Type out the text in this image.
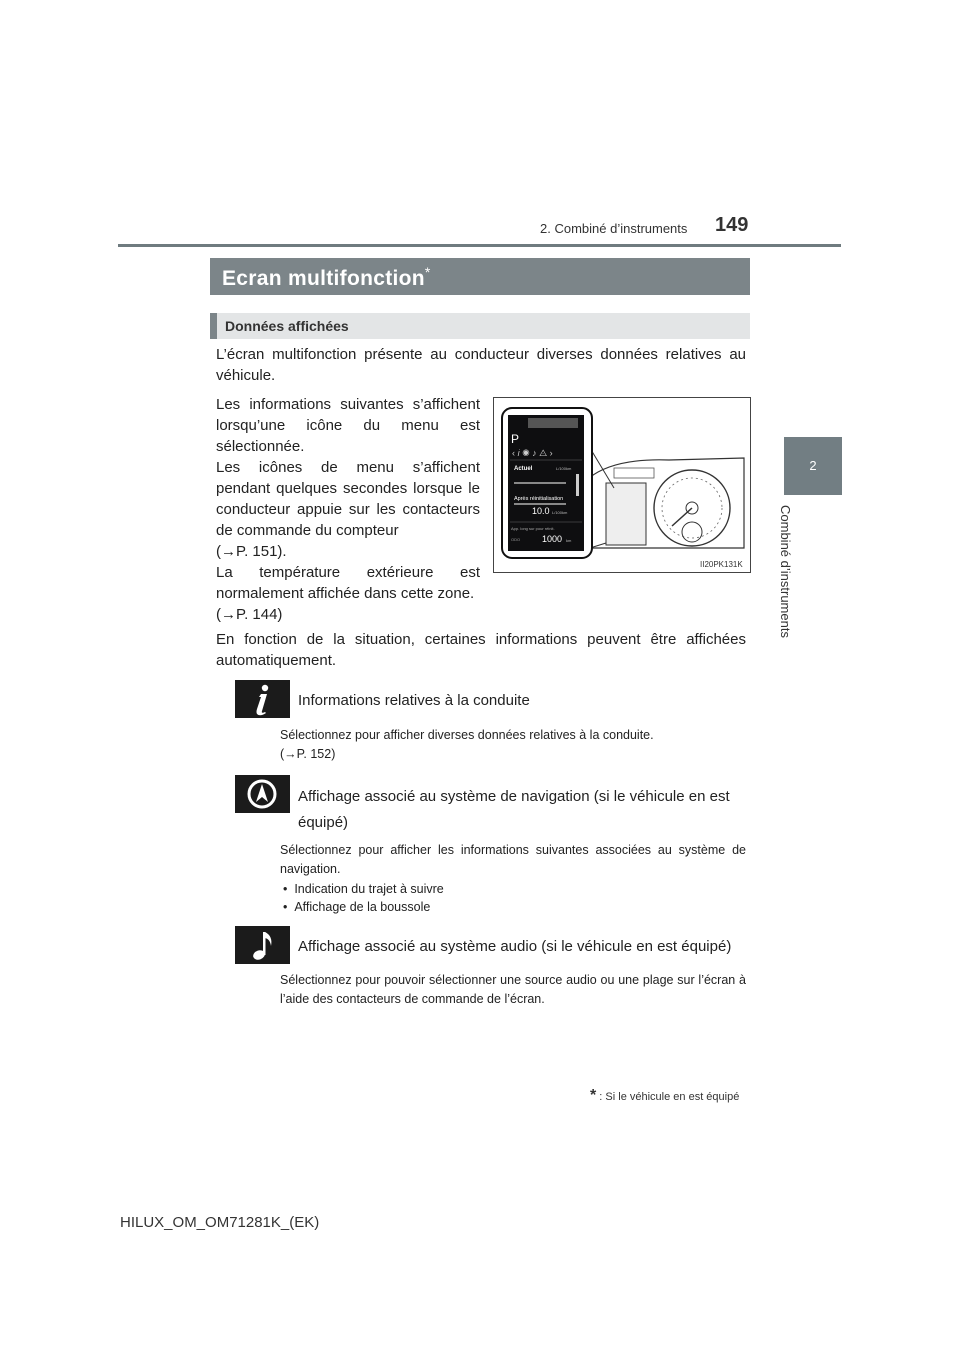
2. Combiné d’instruments 149
2
Combiné d’instruments
Ecran multifonction*
Données affichées
L’écran multifonction présente au conducteur diverses données relatives au véhicule.
Les informations suivantes s’affichent lorsqu’une icône du menu est sélectionnée.
Les icônes de menu s’affichent pendant quelques secondes lorsque le conducteur appuie sur les contacteurs de commande du compteur
(→P. 151).
La température extérieure est normalement affichée dans cette zone.
(→P. 144)
En fonction de la situation, certaines informations peuvent être affichées automatiquement.
P
‹ 𝑖 ◉ ♪ ◬ ›
Actuel	L/100km
Après réinitialisation
10.0 L/100km
App. long sur pour réinit.
ODO 1000 km
II20PK131K
Informations relatives à la conduite
Sélectionnez pour afficher diverses données relatives à la conduite.
(→P. 152)
Affichage associé au système de navigation (si le véhicule en est équipé)
Sélectionnez pour afficher les informations suivantes associées au système de navigation.
•  Indication du trajet à suivre
•  Affichage de la boussole
Affichage associé au système audio (si le véhicule en est équipé)
Sélectionnez pour pouvoir sélectionner une source audio ou une plage sur l’écran à l’aide des contacteurs de commande de l’écran.
* : Si le véhicule en est équipé
HILUX_OM_OM71281K_(EK)
